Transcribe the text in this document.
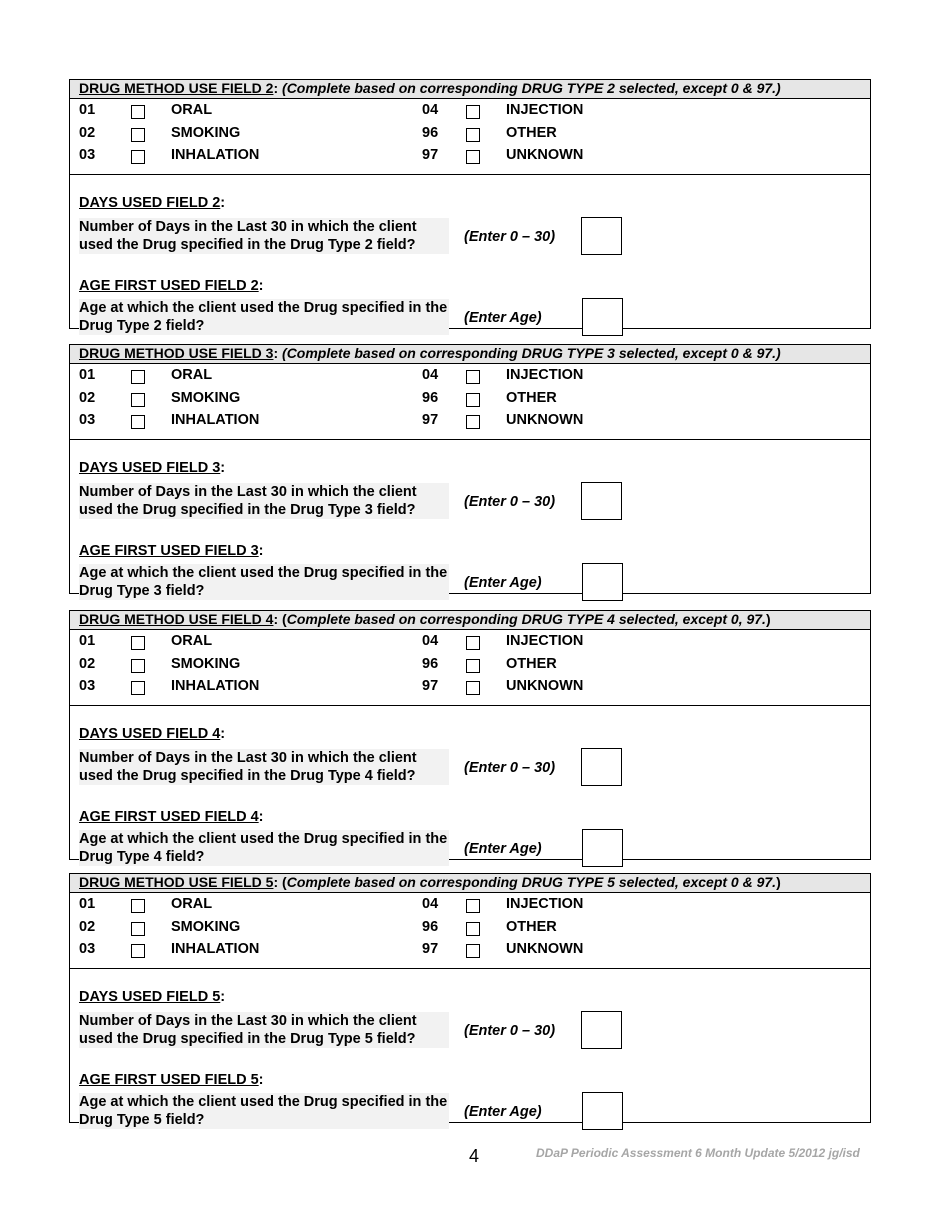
DRUG METHOD USE FIELD 2: (Complete based on corresponding DRUG TYPE 2 selected, except 0 & 97.)
01	ORAL	04	INJECTION
02	SMOKING	96	OTHER
03	INHALATION	97	UNKNOWN
DAYS USED FIELD 2:
Number of Days in the Last 30 in which the client used the Drug specified in the Drug Type 2 field?	(Enter 0 – 30)
AGE FIRST USED FIELD 2:
Age at which the client used the Drug specified in the Drug Type 2 field?	(Enter Age)
DRUG METHOD USE FIELD 3: (Complete based on corresponding DRUG TYPE 3 selected, except 0 & 97.)
01	ORAL	04	INJECTION
02	SMOKING	96	OTHER
03	INHALATION	97	UNKNOWN
DAYS USED FIELD 3:
Number of Days in the Last 30 in which the client used the Drug specified in the Drug Type 3 field?	(Enter 0 – 30)
AGE FIRST USED FIELD 3:
Age at which the client used the Drug specified in the Drug Type 3 field?	(Enter Age)
DRUG METHOD USE FIELD 4: (Complete based on corresponding DRUG TYPE 4 selected, except 0, 97.)
01	ORAL	04	INJECTION
02	SMOKING	96	OTHER
03	INHALATION	97	UNKNOWN
DAYS USED FIELD 4:
Number of Days in the Last 30 in which the client used the Drug specified in the Drug Type 4 field?	(Enter 0 – 30)
AGE FIRST USED FIELD 4:
Age at which the client used the Drug specified in the Drug Type 4 field?	(Enter Age)
DRUG METHOD USE FIELD 5: (Complete based on corresponding DRUG TYPE 5 selected, except 0 & 97.)
01	ORAL	04	INJECTION
02	SMOKING	96	OTHER
03	INHALATION	97	UNKNOWN
DAYS USED FIELD 5:
Number of Days in the Last 30 in which the client used the Drug specified in the Drug Type 5 field?	(Enter 0 – 30)
AGE FIRST USED FIELD 5:
Age at which the client used the Drug specified in the Drug Type 5 field?	(Enter Age)
4	DDaP Periodic Assessment 6 Month Update 5/2012 jg/isd
